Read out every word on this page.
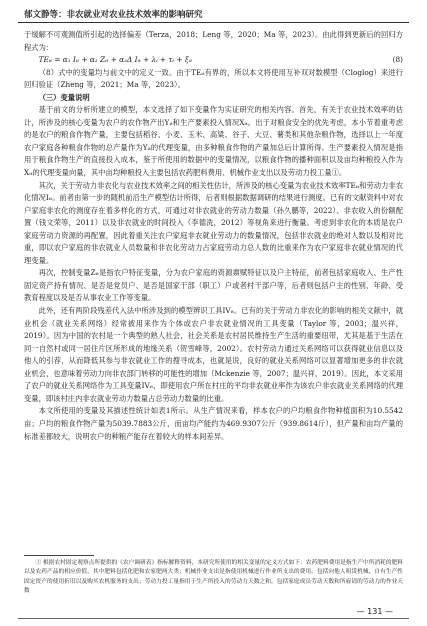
郁文静等：非农就业对农业技术效率的影响研究

于缓解不可观测值所引起的选择偏差（Terza，2018；Leng 等，2020；Ma 等，2023）。由此得到更新后的回归方程式为：

TEᵢₜ = α₁ Iᵢₜ + α₂ Zᵢₜ + α₃Δ Iᵢₜ + λᵢ + τₜ + ξᵢₜ	(8)

（8）式中的变量均与前文中的定义一致。由于TEᵢₜ有界的，所以本文将使用互补双对数模型（Cloglog）来进行回归验证（Zheng 等，2021；Ma 等，2023）。

（三）变量说明

基于前文的分析所建立的模型，本文选择了如下变量作为实证研究的相关内容。首先，有关于农业技术效率的估计，所涉及的核心变量为农户的农作物产出Yᵢₜ和生产要素投入情况Xᵢₜ。出于对粮食安全的优先考虑，本小节着重考虑的是农户的粮食作物产量，主要包括稻谷、小麦、玉米、高粱、谷子、大豆、薯类和其他杂粮作物，选择以上一年度农户家庭各种粮食作物的总产量作为Yᵢₜ的代理变量，由多种粮食作物的产量加总后计算所得。生产要素投入情况是指用于粮食作物生产的直接投入成本，鉴于所使用的数据中的变量情况，以粮食作物的播种面积以及亩均种粮投入作为Xᵢₜ的代理变量向量，其中亩均种粮投入主要包括农药肥料费用、机械作业支出以及劳动力投工量①。

其次，关于劳动力非农化与农业技术效率之间的相关性估计，所涉及的核心变量为农业技术效率TEᵢₜ和劳动力非农化情况Iᵢₜ。前者由第一步的随机前沿生产模型估计所得，后者则根据数据调研的结果进行测度。已有的文献资料中对农户家庭非农化的测度存在着多样化的方式，可通过对非农就业的劳动力数量（孙久鹏等，2022）、非农收入的份额配置（钱文荣等，2011）以及非农就业的时间投入（李德洗，2012）等视角来进行衡量。考虑到非农化的本质是农户家庭劳动力资源的再配置，因此着重关注农户家庭非农就业劳动力的数量情况，包括非农就业的绝对人数以及相对比重，即以农户家庭的非农就业人员数量和非农化劳动力占家庭劳动力总人数的比重来作为农户家庭非农就业情况的代理变量。

再次，控制变量Zᵢₜ是指农户特征变量，分为农户家庭的资源禀赋特征以及户主特征，前者包括家庭收入、生产性固定资产持有情况、是否是党员户、是否是国家干部（职工）户或者村干部户等，后者则包括户主的性别、年龄、受教育程度以及是否从事农业工作等变量。

此外，还有两阶段残差代入法中所涉及到的模型辨识工具IVᵢₜ。已有的关于劳动力非农化的影响的相关文献中，就业机会（就业关系网络）经常被用来作为个体或农户非农就业情况的工具变量（Taylor 等，2003；温兴祥，2019）。因为中国的农村是一个典型的熟人社会，社会关系是农村居民维持生产生活的重要纽带，尤其是基于生活在同一自然村或同一居住片区所形成的地缘关系（贺雪峰等，2002）。农村劳动力通过关系网络可以获得就业信息以及他人的引荐，从而降低其参与非农就业工作的搜寻成本，也就是说，良好的就业关系网络可以显著增加更多的非农就业机会，也意味着劳动力向非农部门转移的可能性的增加（Mckenzie 等，2007；温兴祥，2019）。因此，本文采用了农户的就业关系网络作为工具变量IVᵢₜ，即使用农户所在村庄的平均非农就业率作为该农户非农就业关系网络的代理变量，即该村庄内非农就业劳动力数量占总劳动力数量的比重。

本文所使用的变量及其描述性统计如表1所示。从生产情况来看，样本农户的户均粮食作物种植面积为10.5542亩；户均的粮食作物产量为5039.7883公斤，而亩均产能约为469.9307公斤（939.8614斤），但产量和亩均产量的标准差都较大，说明农户的种粮产能存在着较大的样本间差异。

① 根据农村固定观察点所提供的《农户调研表》指标解释资料，本研究所使用的相关变量的定义方式如下：农药肥料费用是指生产中所消耗的肥料以及农药产品的相应价值，其中肥料包括化肥和农家肥两大类；机械作业支出是指使用机械进行作业所支出的费用，包括向他人租赁机械、自有生产性固定资产的使用折旧以及购买农机服务的支出；劳动力投工量指用于生产所投入的劳动力天数之和，包括家庭成员劳动天数和所雇请的劳动力的作业天数

— 131 —
